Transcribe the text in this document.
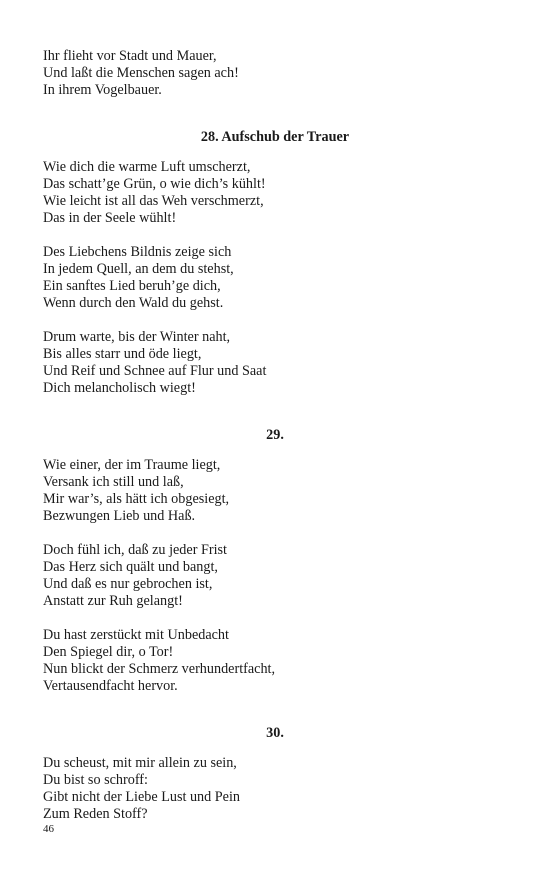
Ihr flieht vor Stadt und Mauer,
Und laßt die Menschen sagen ach!
In ihrem Vogelbauer.
28. Aufschub der Trauer
Wie dich die warme Luft umscherzt,
Das schatt’ge Grün, o wie dich’s kühlt!
Wie leicht ist all das Weh verschmerzt,
Das in der Seele wühlt!
Des Liebchens Bildnis zeige sich
In jedem Quell, an dem du stehst,
Ein sanftes Lied beruh’ge dich,
Wenn durch den Wald du gehst.
Drum warte, bis der Winter naht,
Bis alles starr und öde liegt,
Und Reif und Schnee auf Flur und Saat
Dich melancholisch wiegt!
29.
Wie einer, der im Traume liegt,
Versank ich still und laß,
Mir war’s, als hätt ich obgesiegt,
Bezwungen Lieb und Haß.
Doch fühl ich, daß zu jeder Frist
Das Herz sich quält und bangt,
Und daß es nur gebrochen ist,
Anstatt zur Ruh gelangt!
Du hast zerstückt mit Unbedacht
Den Spiegel dir, o Tor!
Nun blickt der Schmerz verhundertfacht,
Vertausendfacht hervor.
30.
Du scheust, mit mir allein zu sein,
Du bist so schroff:
Gibt nicht der Liebe Lust und Pein
Zum Reden Stoff?
46
